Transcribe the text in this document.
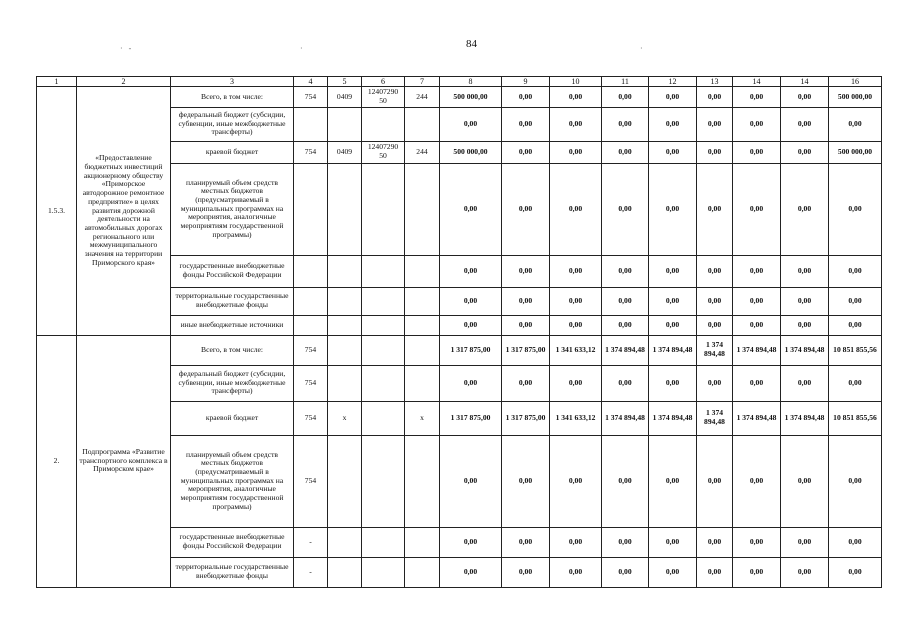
84
·   -	·	·
1	2	3	4	5	6	7	8	9	10	11	12	13	14	14	16
1.5.3.	«Предоставление бюджетных инвестиций акционерному обществу «Приморское автодорожное ремонтное предприятие» в целях развития дорожной деятельности на автомобильных дорогах регионального или межмуниципального значения на территории Приморского края»	Всего, в том числе:	754	0409	12407290 50	244	500 000,00	0,00	0,00	0,00	0,00	0,00	0,00	0,00	500 000,00
		федеральный бюджет (субсидии, субвенции, иные межбюджетные трансферты)					0,00	0,00	0,00	0,00	0,00	0,00	0,00	0,00	0,00
		краевой бюджет	754	0409	12407290 50	244	500 000,00	0,00	0,00	0,00	0,00	0,00	0,00	0,00	500 000,00
		планируемый объем средств местных бюджетов (предусматриваемый в муниципальных программах на мероприятия, аналогичные мероприятиям государственной программы)					0,00	0,00	0,00	0,00	0,00	0,00	0,00	0,00	0,00
		государственные внебюджетные фонды Российской Федерации					0,00	0,00	0,00	0,00	0,00	0,00	0,00	0,00	0,00
		территориальные государственные внебюджетные фонды					0,00	0,00	0,00	0,00	0,00	0,00	0,00	0,00	0,00
		иные внебюджетные источники					0,00	0,00	0,00	0,00	0,00	0,00	0,00	0,00	0,00
2.	Подпрограмма «Развитие транспортного комплекса в Приморском крае»	Всего, в том числе:	754				1 317 875,00	1 317 875,00	1 341 633,12	1 374 894,48	1 374 894,48	1 374 894,48	1 374 894,48	1 374 894,48	10 851 855,56
		федеральный бюджет (субсидии, субвенции, иные межбюджетные трансферты)	754				0,00	0,00	0,00	0,00	0,00	0,00	0,00	0,00	0,00
		краевой бюджет	754	х		х	1 317 875,00	1 317 875,00	1 341 633,12	1 374 894,48	1 374 894,48	1 374 894,48	1 374 894,48	1 374 894,48	10 851 855,56
		планируемый объем средств местных бюджетов (предусматриваемый в муниципальных программах на мероприятия, аналогичные мероприятиям государственной программы)	754				0,00	0,00	0,00	0,00	0,00	0,00	0,00	0,00	0,00
		государственные внебюджетные фонды Российской Федерации	-				0,00	0,00	0,00	0,00	0,00	0,00	0,00	0,00	0,00
		территориальные государственные внебюджетные фонды	-				0,00	0,00	0,00	0,00	0,00	0,00	0,00	0,00	0,00
